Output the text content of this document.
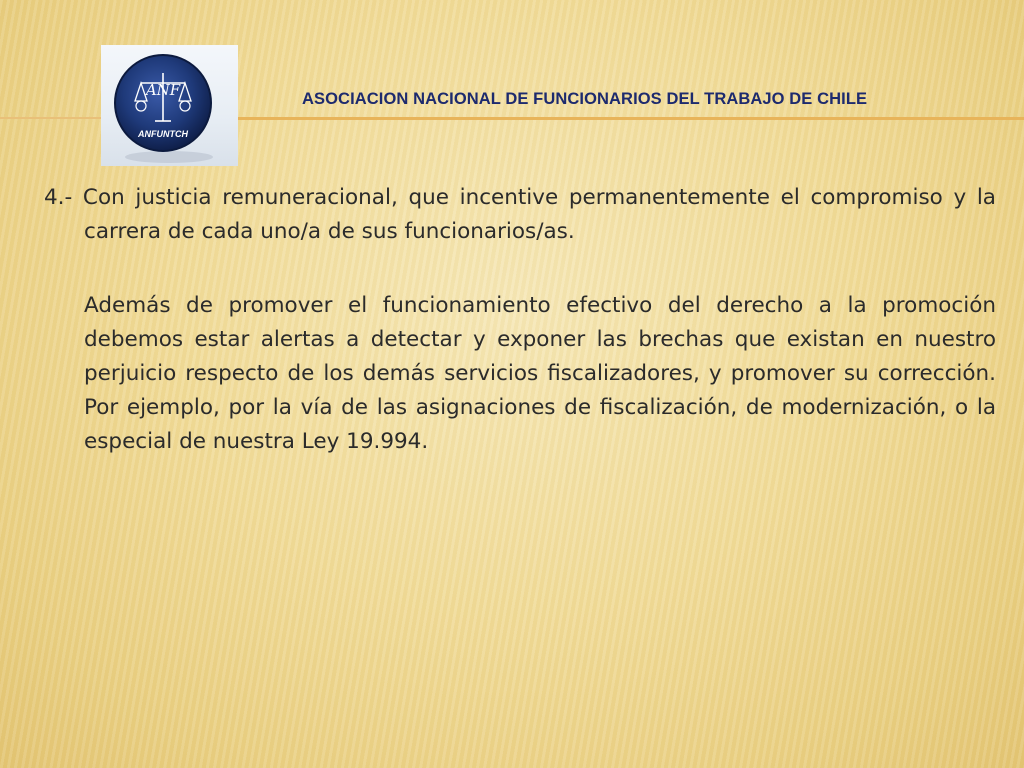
ANF
ANFUNTCH
ASOCIACION NACIONAL DE FUNCIONARIOS DEL TRABAJO DE CHILE

4.- Con justicia remuneracional, que incentive permanentemente el compromiso y la carrera de cada uno/a de sus funcionarios/as.

Además de promover el funcionamiento efectivo del derecho a la promoción debemos estar alertas a detectar y exponer las brechas que existan en nuestro perjuicio respecto de los demás servicios fiscalizadores, y promover su corrección. Por ejemplo, por la vía de las asignaciones de fiscalización, de modernización, o la especial de nuestra Ley 19.994.
